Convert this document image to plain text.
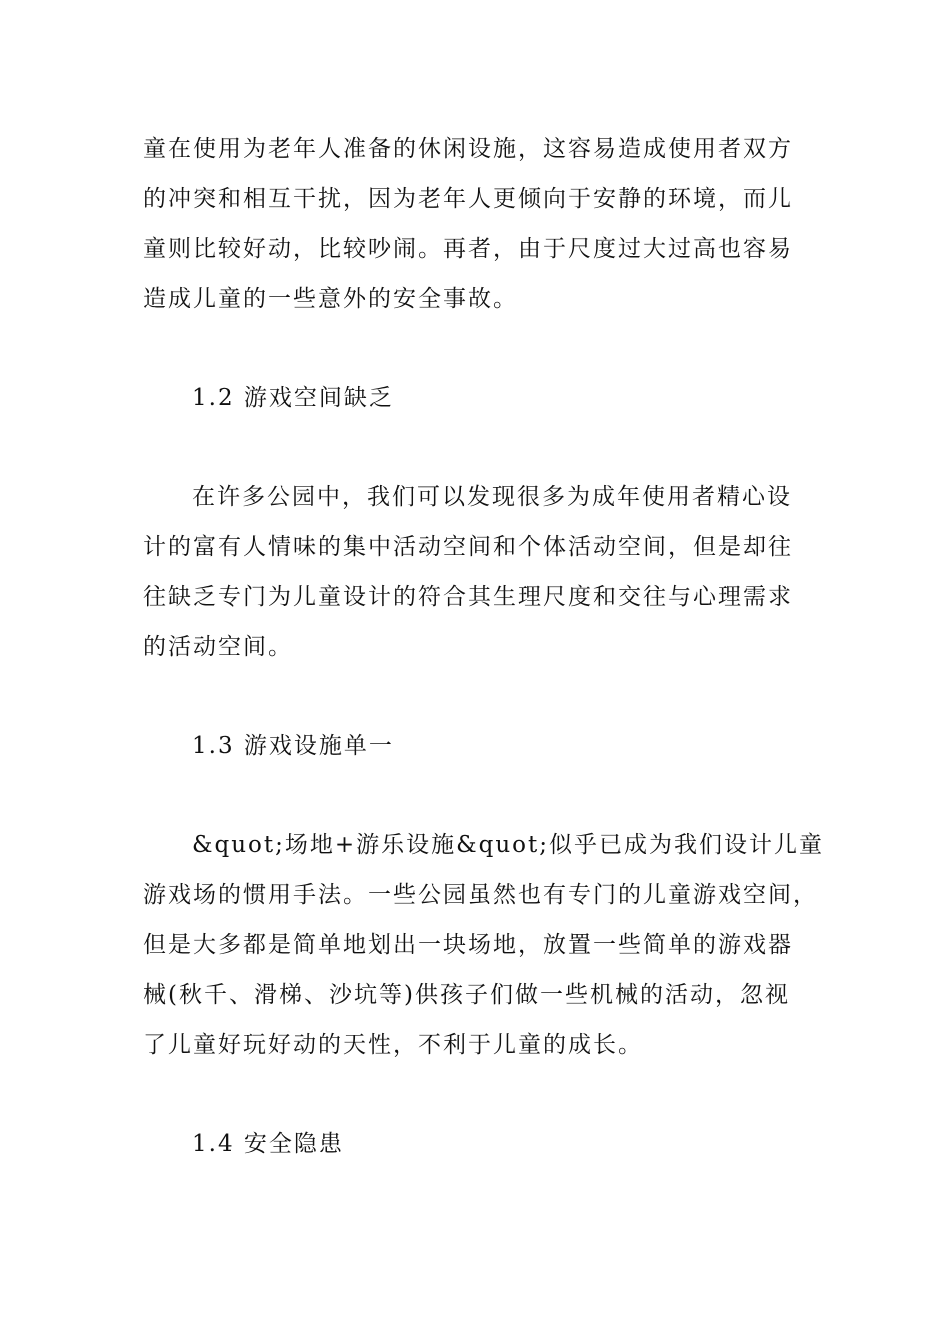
童在使用为老年人准备的休闲设施，这容易造成使用者双方
的冲突和相互干扰，因为老年人更倾向于安静的环境，而儿
童则比较好动，比较吵闹。再者，由于尺度过大过高也容易
造成儿童的一些意外的安全事故。
1.2 游戏空间缺乏
在许多公园中，我们可以发现很多为成年使用者精心设
计的富有人情味的集中活动空间和个体活动空间，但是却往
往缺乏专门为儿童设计的符合其生理尺度和交往与心理需求
的活动空间。
1.3 游戏设施单一
&quot;场地+游乐设施&quot;似乎已成为我们设计儿童
游戏场的惯用手法。一些公园虽然也有专门的儿童游戏空间，
但是大多都是简单地划出一块场地，放置一些简单的游戏器
械(秋千、滑梯、沙坑等)供孩子们做一些机械的活动，忽视
了儿童好玩好动的天性，不利于儿童的成长。
1.4 安全隐患
